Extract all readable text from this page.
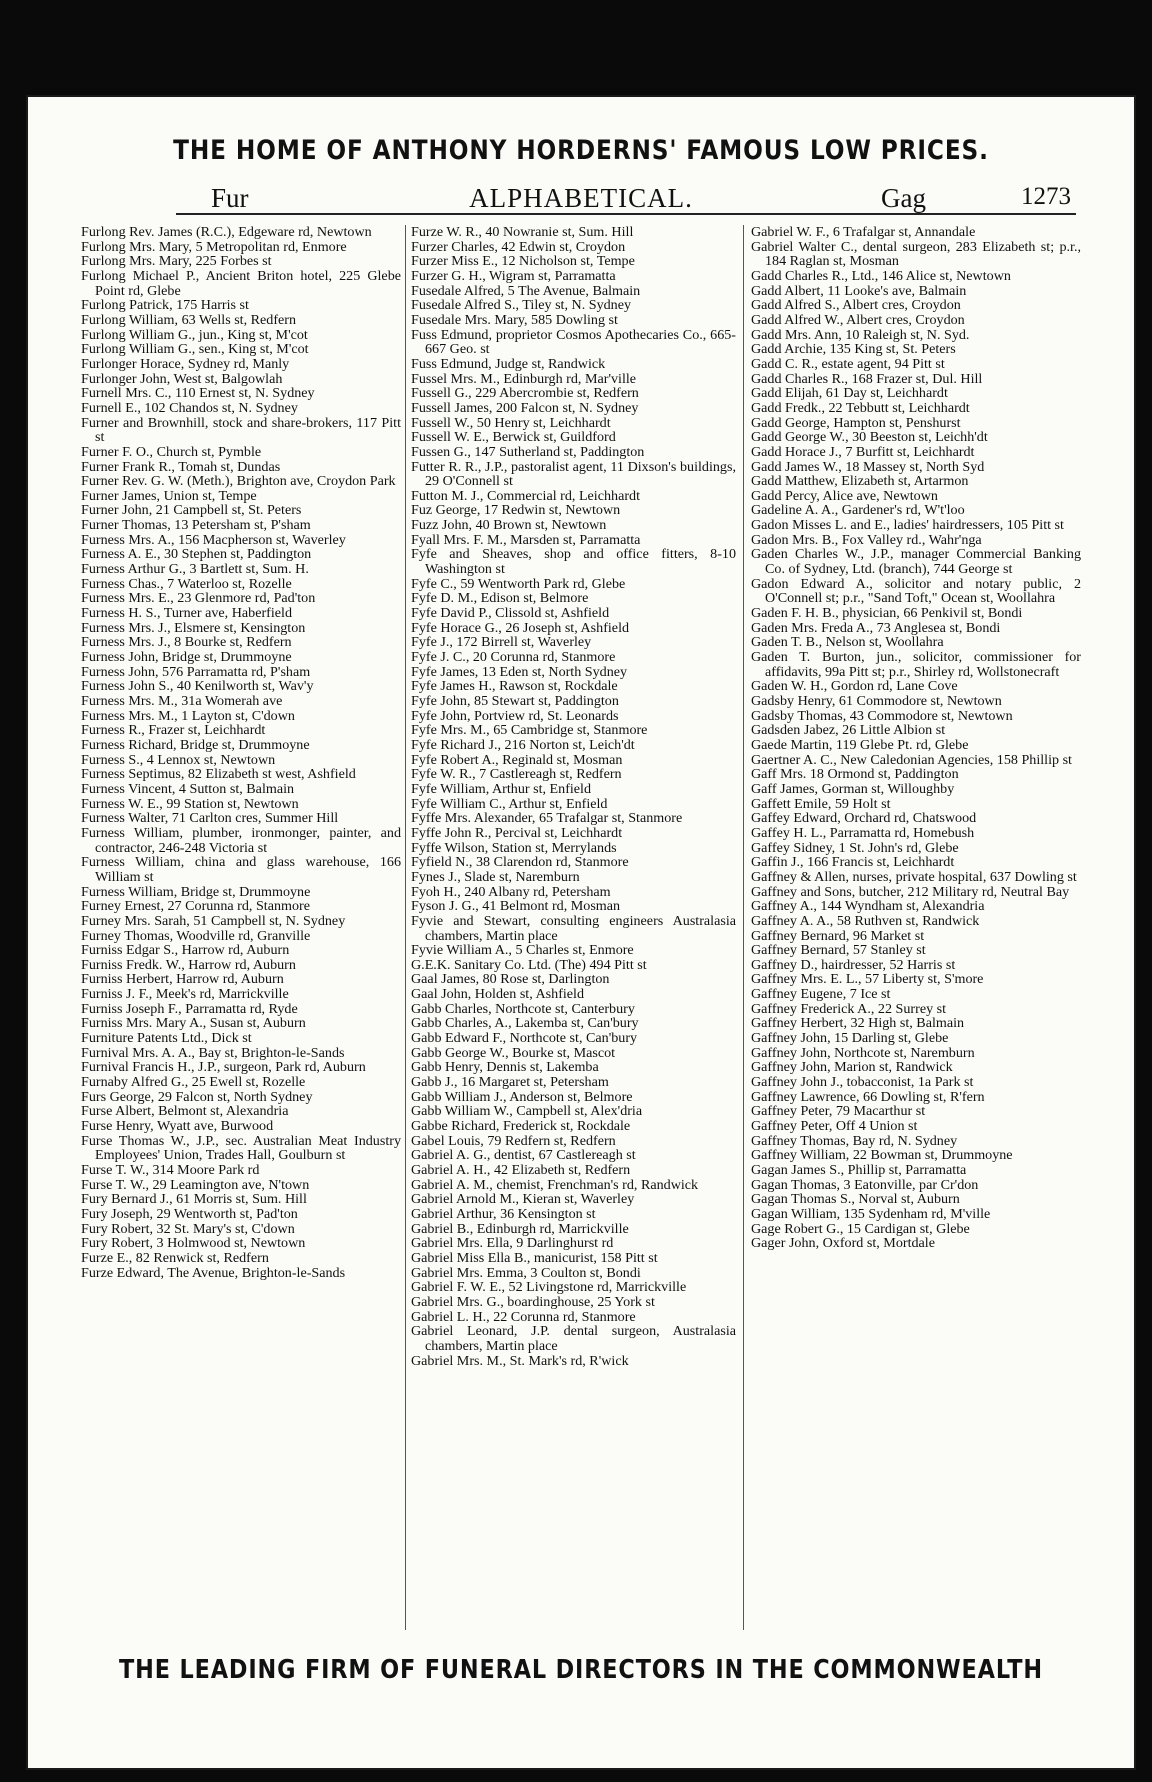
THE HOME OF ANTHONY HORDERNS' FAMOUS LOW PRICES.
Fur	ALPHABETICAL.	Gag	1273
Furlong Rev. James (R.C.), Edgeware rd, Newtown
Furlong Mrs. Mary, 5 Metropolitan rd, Enmore
Furlong Mrs. Mary, 225 Forbes st
Furlong Michael P., Ancient Briton hotel, 225 Glebe Point rd, Glebe
Furlong Patrick, 175 Harris st
Furlong William, 63 Wells st, Redfern
Furlong William G., jun., King st, M'cot
Furlong William G., sen., King st, M'cot
Furlonger Horace, Sydney rd, Manly
Furlonger John, West st, Balgowlah
Furnell Mrs. C., 110 Ernest st, N. Sydney
Furnell E., 102 Chandos st, N. Sydney
Furner and Brownhill, stock and share-brokers, 117 Pitt st
Furner F. O., Church st, Pymble
Furner Frank R., Tomah st, Dundas
Furner Rev. G. W. (Meth.), Brighton ave, Croydon Park
Furner James, Union st, Tempe
Furner John, 21 Campbell st, St. Peters
Furner Thomas, 13 Petersham st, P'sham
Furness Mrs. A., 156 Macpherson st, Waverley
Furness A. E., 30 Stephen st, Paddington
Furness Arthur G., 3 Bartlett st, Sum. H.
Furness Chas., 7 Waterloo st, Rozelle
Furness Mrs. E., 23 Glenmore rd, Pad'ton
Furness H. S., Turner ave, Haberfield
Furness Mrs. J., Elsmere st, Kensington
Furness Mrs. J., 8 Bourke st, Redfern
Furness John, Bridge st, Drummoyne
Furness John, 576 Parramatta rd, P'sham
Furness John S., 40 Kenilworth st, Wav'y
Furness Mrs. M., 31a Womerah ave
Furness Mrs. M., 1 Layton st, C'down
Furness R., Frazer st, Leichhardt
Furness Richard, Bridge st, Drummoyne
Furness S., 4 Lennox st, Newtown
Furness Septimus, 82 Elizabeth st west, Ashfield
Furness Vincent, 4 Sutton st, Balmain
Furness W. E., 99 Station st, Newtown
Furness Walter, 71 Carlton cres, Summer Hill
Furness William, plumber, ironmonger, painter, and contractor, 246-248 Victoria st
Furness William, china and glass warehouse, 166 William st
Furness William, Bridge st, Drummoyne
Furney Ernest, 27 Corunna rd, Stanmore
Furney Mrs. Sarah, 51 Campbell st, N. Sydney
Furney Thomas, Woodville rd, Granville
Furniss Edgar S., Harrow rd, Auburn
Furniss Fredk. W., Harrow rd, Auburn
Furniss Herbert, Harrow rd, Auburn
Furniss J. F., Meek's rd, Marrickville
Furniss Joseph F., Parramatta rd, Ryde
Furniss Mrs. Mary A., Susan st, Auburn
Furniture Patents Ltd., Dick st
Furnival Mrs. A. A., Bay st, Brighton-le-Sands
Furnival Francis H., J.P., surgeon, Park rd, Auburn
Furnaby Alfred G., 25 Ewell st, Rozelle
Furs George, 29 Falcon st, North Sydney
Furse Albert, Belmont st, Alexandria
Furse Henry, Wyatt ave, Burwood
Furse Thomas W., J.P., sec. Australian Meat Industry Employees' Union, Trades Hall, Goulburn st
Furse T. W., 314 Moore Park rd
Furse T. W., 29 Leamington ave, N'town
Fury Bernard J., 61 Morris st, Sum. Hill
Fury Joseph, 29 Wentworth st, Pad'ton
Fury Robert, 32 St. Mary's st, C'down
Fury Robert, 3 Holmwood st, Newtown
Furze E., 82 Renwick st, Redfern
Furze Edward, The Avenue, Brighton-le-Sands
Furze W. R., 40 Nowranie st, Sum. Hill
Furzer Charles, 42 Edwin st, Croydon
Furzer Miss E., 12 Nicholson st, Tempe
Furzer G. H., Wigram st, Parramatta
Fusedale Alfred, 5 The Avenue, Balmain
Fusedale Alfred S., Tiley st, N. Sydney
Fusedale Mrs. Mary, 585 Dowling st
Fuss Edmund, proprietor Cosmos Apothecaries Co., 665-667 Geo. st
Fuss Edmund, Judge st, Randwick
Fussel Mrs. M., Edinburgh rd, Mar'ville
Fussell G., 229 Abercrombie st, Redfern
Fussell James, 200 Falcon st, N. Sydney
Fussell W., 50 Henry st, Leichhardt
Fussell W. E., Berwick st, Guildford
Fussen G., 147 Sutherland st, Paddington
Futter R. R., J.P., pastoralist agent, 11 Dixson's buildings, 29 O'Connell st
Futton M. J., Commercial rd, Leichhardt
Fuz George, 17 Redwin st, Newtown
Fuzz John, 40 Brown st, Newtown
Fyall Mrs. F. M., Marsden st, Parramatta
Fyfe and Sheaves, shop and office fitters, 8-10 Washington st
Fyfe C., 59 Wentworth Park rd, Glebe
Fyfe D. M., Edison st, Belmore
Fyfe David P., Clissold st, Ashfield
Fyfe Horace G., 26 Joseph st, Ashfield
Fyfe J., 172 Birrell st, Waverley
Fyfe J. C., 20 Corunna rd, Stanmore
Fyfe James, 13 Eden st, North Sydney
Fyfe James H., Rawson st, Rockdale
Fyfe John, 85 Stewart st, Paddington
Fyfe John, Portview rd, St. Leonards
Fyfe Mrs. M., 65 Cambridge st, Stanmore
Fyfe Richard J., 216 Norton st, Leich'dt
Fyfe Robert A., Reginald st, Mosman
Fyfe W. R., 7 Castlereagh st, Redfern
Fyfe William, Arthur st, Enfield
Fyfe William C., Arthur st, Enfield
Fyffe Mrs. Alexander, 65 Trafalgar st, Stanmore
Fyffe John R., Percival st, Leichhardt
Fyffe Wilson, Station st, Merrylands
Fyfield N., 38 Clarendon rd, Stanmore
Fynes J., Slade st, Naremburn
Fyoh H., 240 Albany rd, Petersham
Fyson J. G., 41 Belmont rd, Mosman
Fyvie and Stewart, consulting engineers Australasia chambers, Martin place
Fyvie William A., 5 Charles st, Enmore
G.E.K. Sanitary Co. Ltd. (The) 494 Pitt st
Gaal James, 80 Rose st, Darlington
Gaal John, Holden st, Ashfield
Gabb Charles, Northcote st, Canterbury
Gabb Charles, A., Lakemba st, Can'bury
Gabb Edward F., Northcote st, Can'bury
Gabb George W., Bourke st, Mascot
Gabb Henry, Dennis st, Lakemba
Gabb J., 16 Margaret st, Petersham
Gabb William J., Anderson st, Belmore
Gabb William W., Campbell st, Alex'dria
Gabbe Richard, Frederick st, Rockdale
Gabel Louis, 79 Redfern st, Redfern
Gabriel A. G., dentist, 67 Castlereagh st
Gabriel A. H., 42 Elizabeth st, Redfern
Gabriel A. M., chemist, Frenchman's rd, Randwick
Gabriel Arnold M., Kieran st, Waverley
Gabriel Arthur, 36 Kensington st
Gabriel B., Edinburgh rd, Marrickville
Gabriel Mrs. Ella, 9 Darlinghurst rd
Gabriel Miss Ella B., manicurist, 158 Pitt st
Gabriel Mrs. Emma, 3 Coulton st, Bondi
Gabriel F. W. E., 52 Livingstone rd, Marrickville
Gabriel Mrs. G., boardinghouse, 25 York st
Gabriel L. H., 22 Corunna rd, Stanmore
Gabriel Leonard, J.P. dental surgeon, Australasia chambers, Martin place
Gabriel Mrs. M., St. Mark's rd, R'wick
Gabriel W. F., 6 Trafalgar st, Annandale
Gabriel Walter C., dental surgeon, 283 Elizabeth st; p.r., 184 Raglan st, Mosman
Gadd Charles R., Ltd., 146 Alice st, Newtown
Gadd Albert, 11 Looke's ave, Balmain
Gadd Alfred S., Albert cres, Croydon
Gadd Alfred W., Albert cres, Croydon
Gadd Mrs. Ann, 10 Raleigh st, N. Syd.
Gadd Archie, 135 King st, St. Peters
Gadd C. R., estate agent, 94 Pitt st
Gadd Charles R., 168 Frazer st, Dul. Hill
Gadd Elijah, 61 Day st, Leichhardt
Gadd Fredk., 22 Tebbutt st, Leichhardt
Gadd George, Hampton st, Penshurst
Gadd George W., 30 Beeston st, Leichh'dt
Gadd Horace J., 7 Burfitt st, Leichhardt
Gadd James W., 18 Massey st, North Syd
Gadd Matthew, Elizabeth st, Artarmon
Gadd Percy, Alice ave, Newtown
Gadeline A. A., Gardener's rd, W't'loo
Gadon Misses L. and E., ladies' hairdressers, 105 Pitt st
Gadon Mrs. B., Fox Valley rd., Wahr'nga
Gaden Charles W., J.P., manager Commercial Banking Co. of Sydney, Ltd. (branch), 744 George st
Gadon Edward A., solicitor and notary public, 2 O'Connell st; p.r., "Sand Toft," Ocean st, Woollahra
Gaden F. H. B., physician, 66 Penkivil st, Bondi
Gaden Mrs. Freda A., 73 Anglesea st, Bondi
Gaden T. B., Nelson st, Woollahra
Gaden T. Burton, jun., solicitor, commissioner for affidavits, 99a Pitt st; p.r., Shirley rd, Wollstonecraft
Gaden W. H., Gordon rd, Lane Cove
Gadsby Henry, 61 Commodore st, Newtown
Gadsby Thomas, 43 Commodore st, Newtown
Gadsden Jabez, 26 Little Albion st
Gaede Martin, 119 Glebe Pt. rd, Glebe
Gaertner A. C., New Caledonian Agencies, 158 Phillip st
Gaff Mrs. 18 Ormond st, Paddington
Gaff James, Gorman st, Willoughby
Gaffett Emile, 59 Holt st
Gaffey Edward, Orchard rd, Chatswood
Gaffey H. L., Parramatta rd, Homebush
Gaffey Sidney, 1 St. John's rd, Glebe
Gaffin J., 166 Francis st, Leichhardt
Gaffney & Allen, nurses, private hospital, 637 Dowling st
Gaffney and Sons, butcher, 212 Military rd, Neutral Bay
Gaffney A., 144 Wyndham st, Alexandria
Gaffney A. A., 58 Ruthven st, Randwick
Gaffney Bernard, 96 Market st
Gaffney Bernard, 57 Stanley st
Gaffney D., hairdresser, 52 Harris st
Gaffney Mrs. E. L., 57 Liberty st, S'more
Gaffney Eugene, 7 Ice st
Gaffney Frederick A., 22 Surrey st
Gaffney Herbert, 32 High st, Balmain
Gaffney John, 15 Darling st, Glebe
Gaffney John, Northcote st, Naremburn
Gaffney John, Marion st, Randwick
Gaffney John J., tobacconist, 1a Park st
Gaffney Lawrence, 66 Dowling st, R'fern
Gaffney Peter, 79 Macarthur st
Gaffney Peter, Off 4 Union st
Gaffney Thomas, Bay rd, N. Sydney
Gaffney William, 22 Bowman st, Drummoyne
Gagan James S., Phillip st, Parramatta
Gagan Thomas, 3 Eatonville, par Cr'don
Gagan Thomas S., Norval st, Auburn
Gagan William, 135 Sydenham rd, M'ville
Gage Robert G., 15 Cardigan st, Glebe
Gager John, Oxford st, Mortdale
THE LEADING FIRM OF FUNERAL DIRECTORS IN THE COMMONWEALTH
